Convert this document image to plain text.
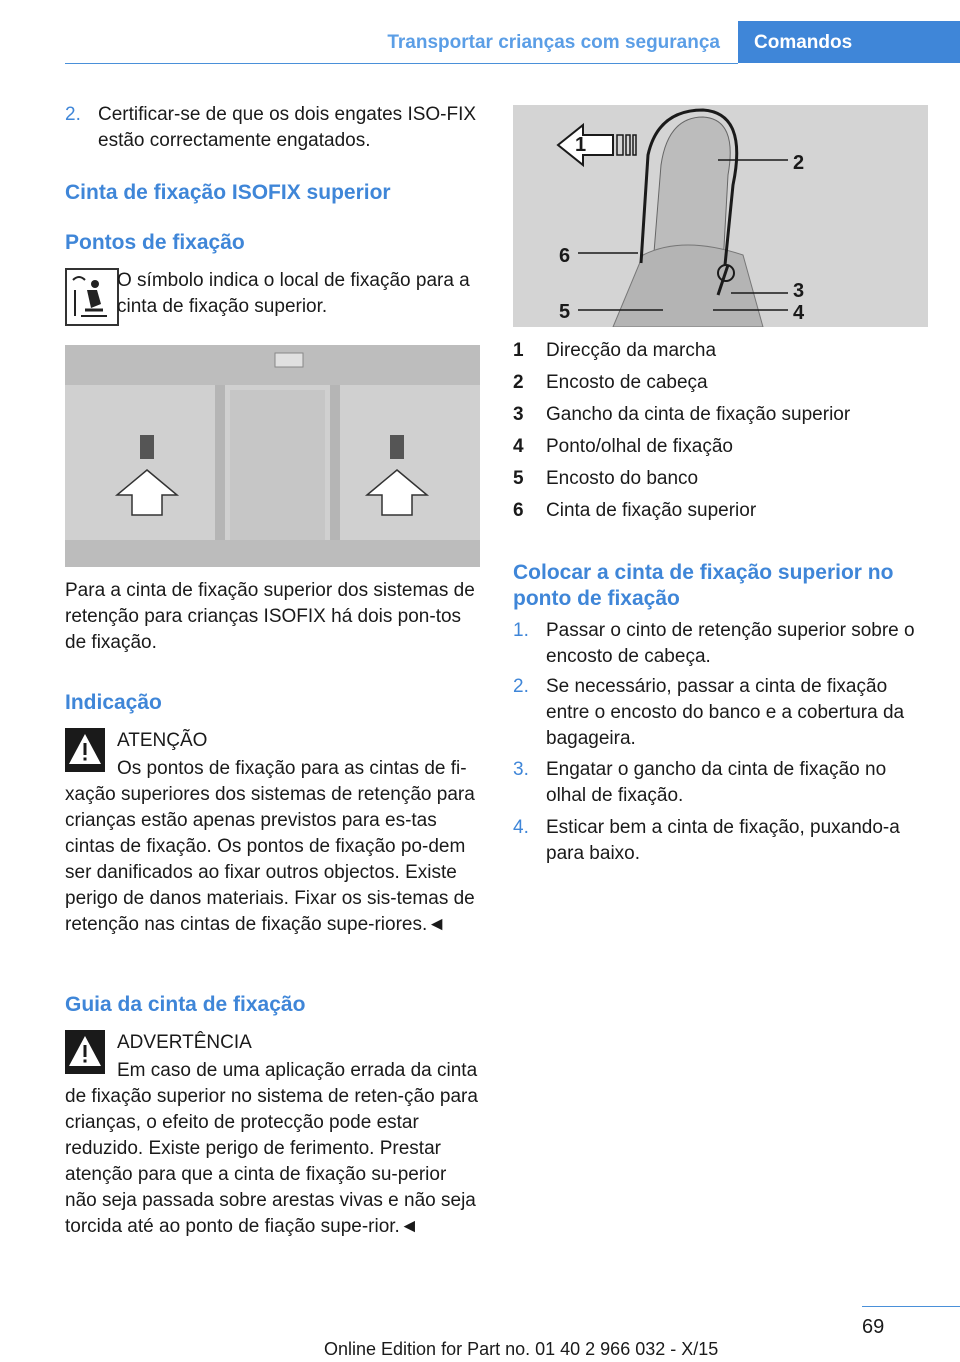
Transportar crianças com segurança	Comandos
2. Certificar-se de que os dois engates ISO-FIX estão correctamente engatados.
Cinta de fixação ISOFIX superior
Pontos de fixação
O símbolo indica o local de fixação para a cinta de fixação superior.
Para a cinta de fixação superior dos sistemas de retenção para crianças ISOFIX há dois pon-tos de fixação.
Indicação
ATENÇÃO
Os pontos de fixação para as cintas de fi-xação superiores dos sistemas de retenção para crianças estão apenas previstos para es-tas cintas de fixação. Os pontos de fixação po-dem ser danificados ao fixar outros objectos. Existe perigo de danos materiais. Fixar os sis-temas de retenção nas cintas de fixação supe-riores.◄
Guia da cinta de fixação
ADVERTÊNCIA
Em caso de uma aplicação errada da cinta de fixação superior no sistema de reten-ção para crianças, o efeito de protecção pode estar reduzido. Existe perigo de ferimento. Prestar atenção para que a cinta de fixação su-perior não seja passada sobre arestas vivas e não seja torcida até ao ponto de fiação supe-rior.◄
1
2
3
4
5
6
1 Direcção da marcha
2 Encosto de cabeça
3 Gancho da cinta de fixação superior
4 Ponto/olhal de fixação
5 Encosto do banco
6 Cinta de fixação superior
Colocar a cinta de fixação superior no ponto de fixação
1. Passar o cinto de retenção superior sobre o encosto de cabeça.
2. Se necessário, passar a cinta de fixação entre o encosto do banco e a cobertura da bagageira.
3. Engatar o gancho da cinta de fixação no olhal de fixação.
4. Esticar bem a cinta de fixação, puxando-a para baixo.
69
Online Edition for Part no. 01 40 2 966 032 - X/15
